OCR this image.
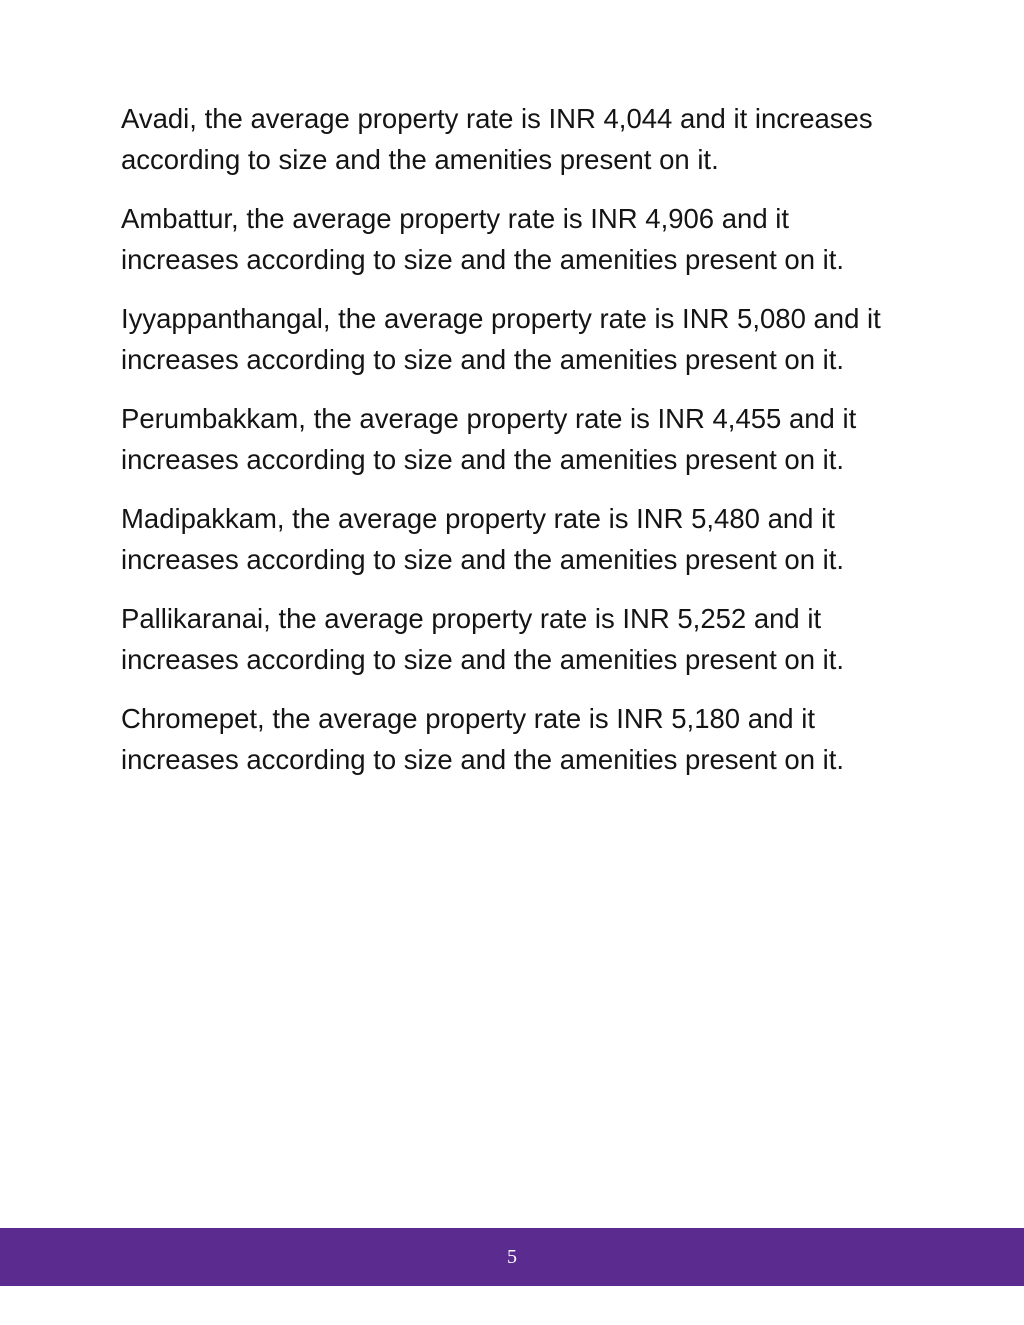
Avadi, the average property rate is INR 4,044 and it increases according to size and the amenities present on it.

Ambattur, the average property rate is INR 4,906 and it increases according to size and the amenities present on it.

Iyyappanthangal, the average property rate is INR 5,080 and it increases according to size and the amenities present on it.

Perumbakkam, the average property rate is INR 4,455 and it increases according to size and the amenities present on it.

Madipakkam, the average property rate is INR 5,480 and it increases according to size and the amenities present on it.

Pallikaranai, the average property rate is INR 5,252 and it increases according to size and the amenities present on it.

Chromepet, the average property rate is INR 5,180 and it increases according to size and the amenities present on it.

5
